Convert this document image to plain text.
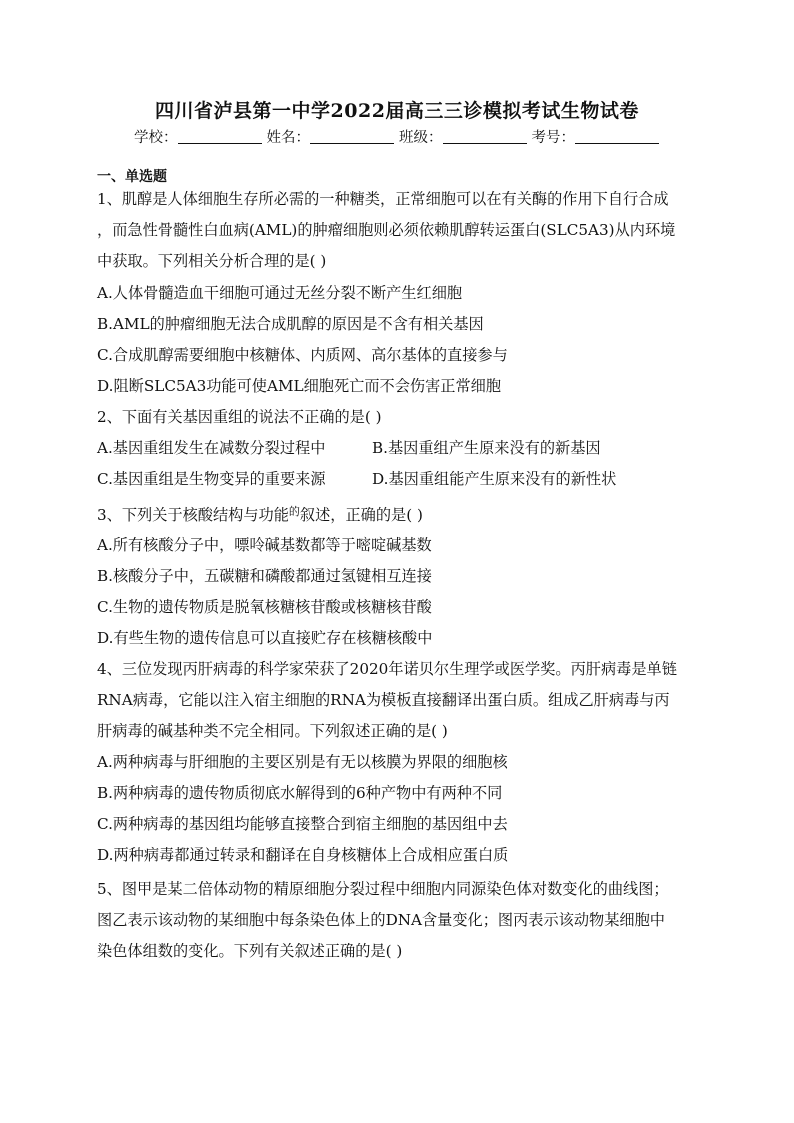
四川省泸县第一中学2022届高三三诊模拟考试生物试卷
学校：	姓名：	班级：	考号：
一、单选题
1、肌醇是人体细胞生存所必需的一种糖类，正常细胞可以在有关酶的作用下自行合成
，而急性骨髓性白血病(AML)的肿瘤细胞则必须依赖肌醇转运蛋白(SLC5A3)从内环境
中获取。下列相关分析合理的是( )
A.人体骨髓造血干细胞可通过无丝分裂不断产生红细胞
B.AML的肿瘤细胞无法合成肌醇的原因是不含有相关基因
C.合成肌醇需要细胞中核糖体、内质网、高尔基体的直接参与
D.阻断SLC5A3功能可使AML细胞死亡而不会伤害正常细胞
2、下面有关基因重组的说法不正确的是( )
A.基因重组发生在减数分裂过程中	B.基因重组产生原来没有的新基因
C.基因重组是生物变异的重要来源	D.基因重组能产生原来没有的新性状
3、下列关于核酸结构与功能$^的$叙述，正确的是( )
A.所有核酸分子中，嘌呤碱基数都等于嘧啶碱基数
B.核酸分子中，五碳糖和磷酸都通过氢键相互连接
C.生物的遗传物质是脱氧核糖核苷酸或核糖核苷酸
D.有些生物的遗传信息可以直接贮存在核糖核酸中
4、三位发现丙肝病毒的科学家荣获了2020年诺贝尔生理学或医学奖。丙肝病毒是单链
RNA病毒，它能以注入宿主细胞的RNA为模板直接翻译出蛋白质。组成乙肝病毒与丙
肝病毒的碱基种类不完全相同。下列叙述正确的是( )
A.两种病毒与肝细胞的主要区别是有无以核膜为界限的细胞核
B.两种病毒的遗传物质彻底水解得到的6种产物中有两种不同
C.两种病毒的基因组均能够直接整合到宿主细胞的基因组中去
D.两种病毒都通过转录和翻译在自身核糖体上合成相应蛋白质
5、图甲是某二倍体动物的精原细胞分裂过程中细胞内同源染色体对数变化的曲线图；
图乙表示该动物的某细胞中每条染色体上的DNA含量变化；图丙表示该动物某细胞中
染色体组数的变化。下列有关叙述正确的是( )
